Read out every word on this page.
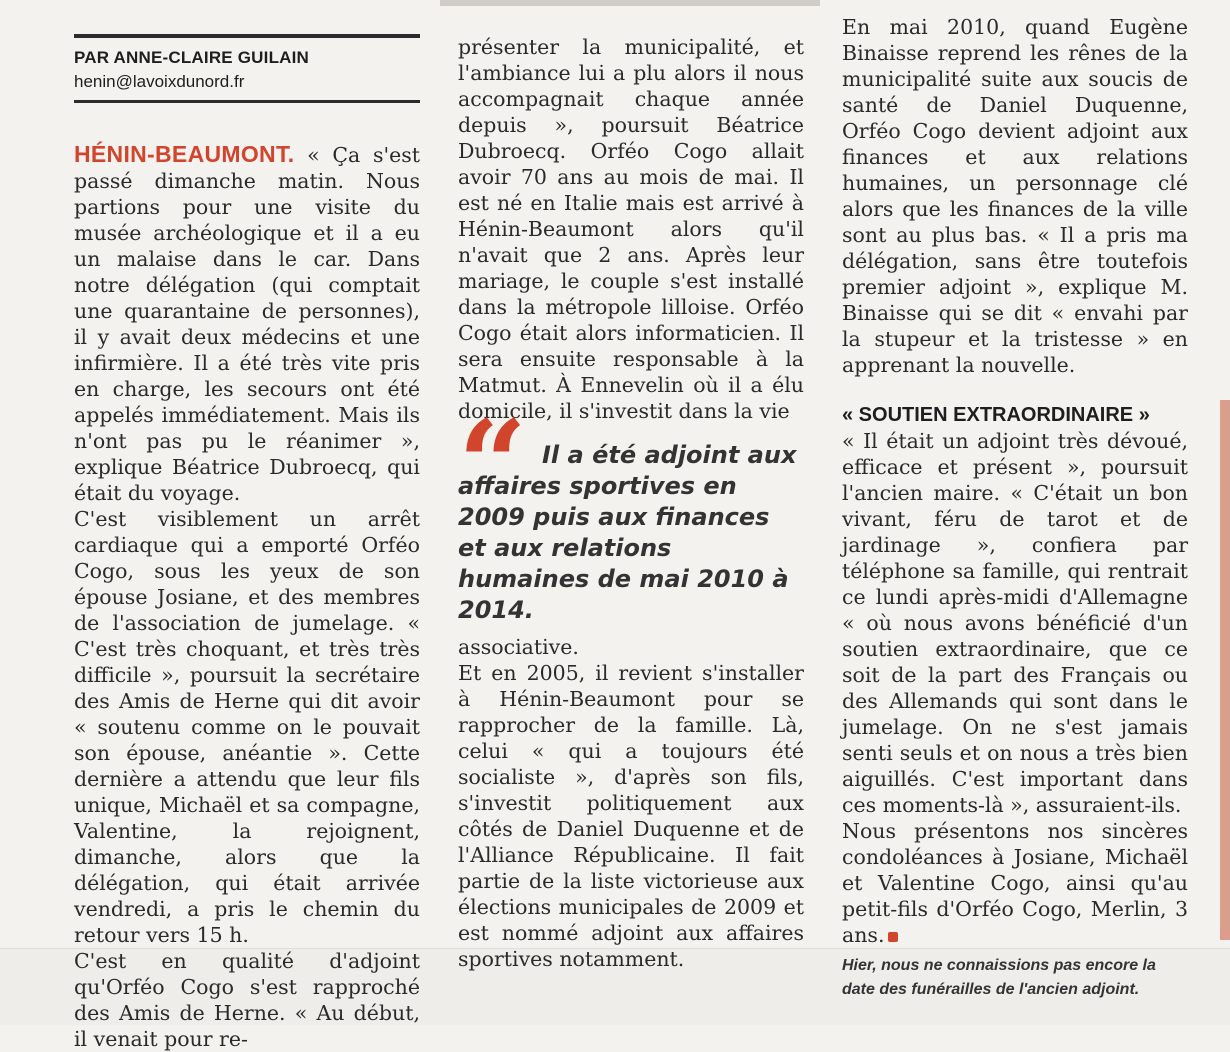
PAR ANNE-CLAIRE GUILAIN
henin@lavoixdunord.fr

HÉNIN-BEAUMONT. « Ça s'est passé dimanche matin. Nous partions pour une visite du musée archéologique et il a eu un malaise dans le car. Dans notre délégation (qui comptait une quarantaine de personnes), il y avait deux médecins et une infirmière. Il a été très vite pris en charge, les secours ont été appelés immédiatement. Mais ils n'ont pas pu le réanimer », explique Béatrice Dubroecq, qui était du voyage.

C'est visiblement un arrêt cardiaque qui a emporté Orféo Cogo, sous les yeux de son épouse Josiane, et des membres de l'association de jumelage. « C'est très choquant, et très très difficile », poursuit la secrétaire des Amis de Herne qui dit avoir « soutenu comme on le pouvait son épouse, anéantie ». Cette dernière a attendu que leur fils unique, Michaël et sa compagne, Valentine, la rejoignent, dimanche, alors que la délégation, qui était arrivée vendredi, a pris le chemin du retour vers 15 h.

C'est en qualité d'adjoint qu'Orféo Cogo s'est rapproché des Amis de Herne. « Au début, il venait pour re-

présenter la municipalité, et l'ambiance lui a plu alors il nous accompagnait chaque année depuis », poursuit Béatrice Dubroecq. Orféo Cogo allait avoir 70 ans au mois de mai. Il est né en Italie mais est arrivé à Hénin-Beaumont alors qu'il n'avait que 2 ans. Après leur mariage, le couple s'est installé dans la métropole lilloise. Orféo Cogo était alors informaticien. Il sera ensuite responsable à la Matmut. À Ennevelin où il a élu domicile, il s'investit dans la vie
“ Il a été adjoint aux affaires sportives en 2009 puis aux finances et aux relations humaines de mai 2010 à 2014.

associative.

Et en 2005, il revient s'installer à Hénin-Beaumont pour se rapprocher de la famille. Là, celui « qui a toujours été socialiste », d'après son fils, s'investit politiquement aux côtés de Daniel Duquenne et de l'Alliance Républicaine. Il fait partie de la liste victorieuse aux élections municipales de 2009 et est nommé adjoint aux affaires sportives notamment.

En mai 2010, quand Eugène Binaisse reprend les rênes de la municipalité suite aux soucis de santé de Daniel Duquenne, Orféo Cogo devient adjoint aux finances et aux relations humaines, un personnage clé alors que les finances de la ville sont au plus bas. « Il a pris ma délégation, sans être toutefois premier adjoint », explique M. Binaisse qui se dit « envahi par la stupeur et la tristesse » en apprenant la nouvelle.

« SOUTIEN EXTRAORDINAIRE »

« Il était un adjoint très dévoué, efficace et présent », poursuit l'ancien maire. « C'était un bon vivant, féru de tarot et de jardinage », confiera par téléphone sa famille, qui rentrait ce lundi après-midi d'Allemagne « où nous avons bénéficié d'un soutien extraordinaire, que ce soit de la part des Français ou des Allemands qui sont dans le jumelage. On ne s'est jamais senti seuls et on nous a très bien aiguillés. C'est important dans ces moments-là », assuraient-ils.

Nous présentons nos sincères condoléances à Josiane, Michaël et Valentine Cogo, ainsi qu'au petit-fils d'Orféo Cogo, Merlin, 3 ans.

Hier, nous ne connaissions pas encore la date des funérailles de l'ancien adjoint.
